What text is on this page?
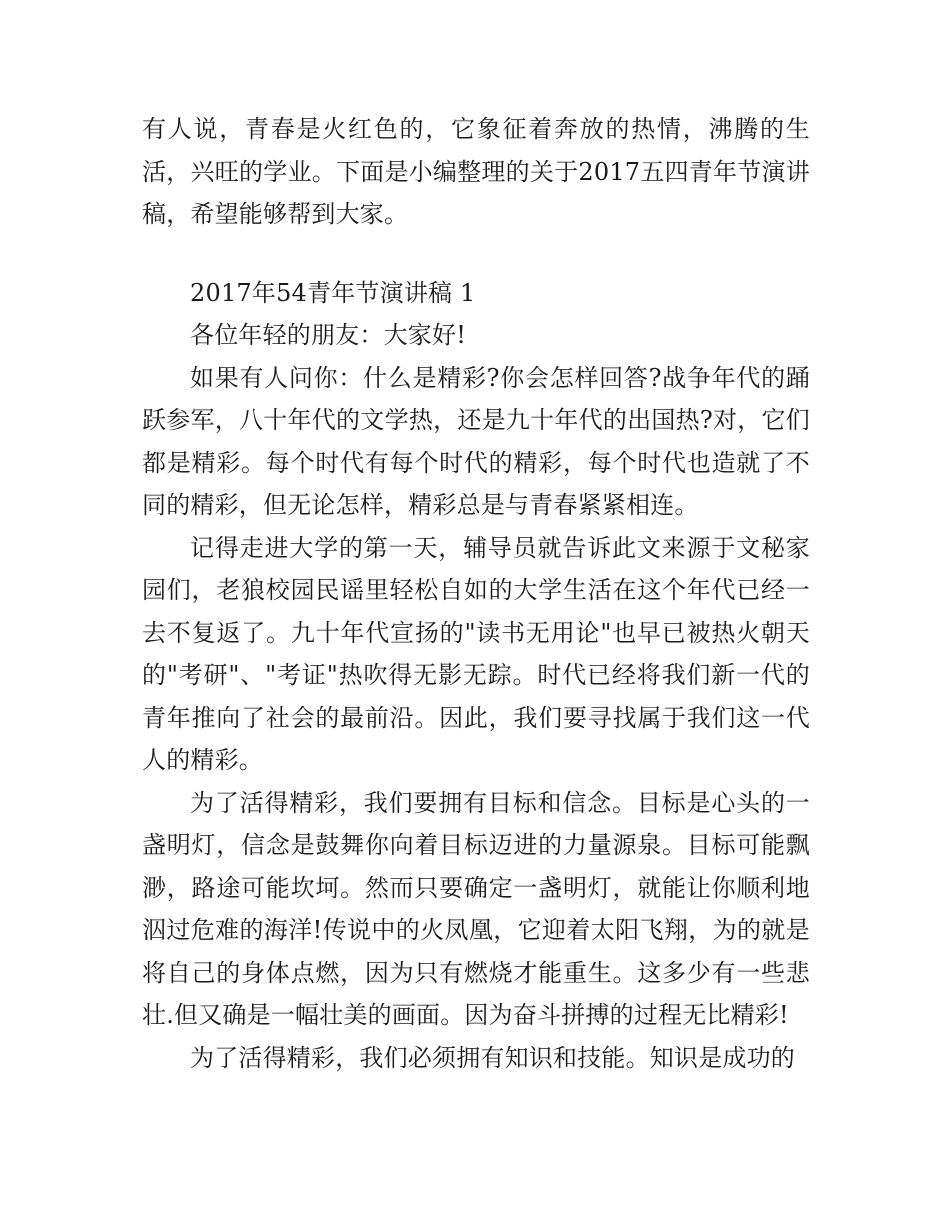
有人说，青春是火红色的，它象征着奔放的热情，沸腾的生活，兴旺的学业。下面是小编整理的关于2017五四青年节演讲稿，希望能够帮到大家。

2017年54青年节演讲稿 1

各位年轻的朋友：大家好!

如果有人问你：什么是精彩?你会怎样回答?战争年代的踊跃参军，八十年代的文学热，还是九十年代的出国热?对，它们都是精彩。每个时代有每个时代的精彩，每个时代也造就了不同的精彩，但无论怎样，精彩总是与青春紧紧相连。

记得走进大学的第一天，辅导员就告诉此文来源于文秘家园们，老狼校园民谣里轻松自如的大学生活在这个年代已经一去不复返了。九十年代宣扬的"读书无用论"也早已被热火朝天的"考研"、"考证"热吹得无影无踪。时代已经将我们新一代的青年推向了社会的最前沿。因此，我们要寻找属于我们这一代人的精彩。

为了活得精彩，我们要拥有目标和信念。目标是心头的一盏明灯，信念是鼓舞你向着目标迈进的力量源泉。目标可能飘渺，路途可能坎坷。然而只要确定一盏明灯，就能让你顺利地泅过危难的海洋!传说中的火凤凰，它迎着太阳飞翔，为的就是将自己的身体点燃，因为只有燃烧才能重生。这多少有一些悲壮.但又确是一幅壮美的画面。因为奋斗拼搏的过程无比精彩!

为了活得精彩，我们必须拥有知识和技能。知识是成功的
